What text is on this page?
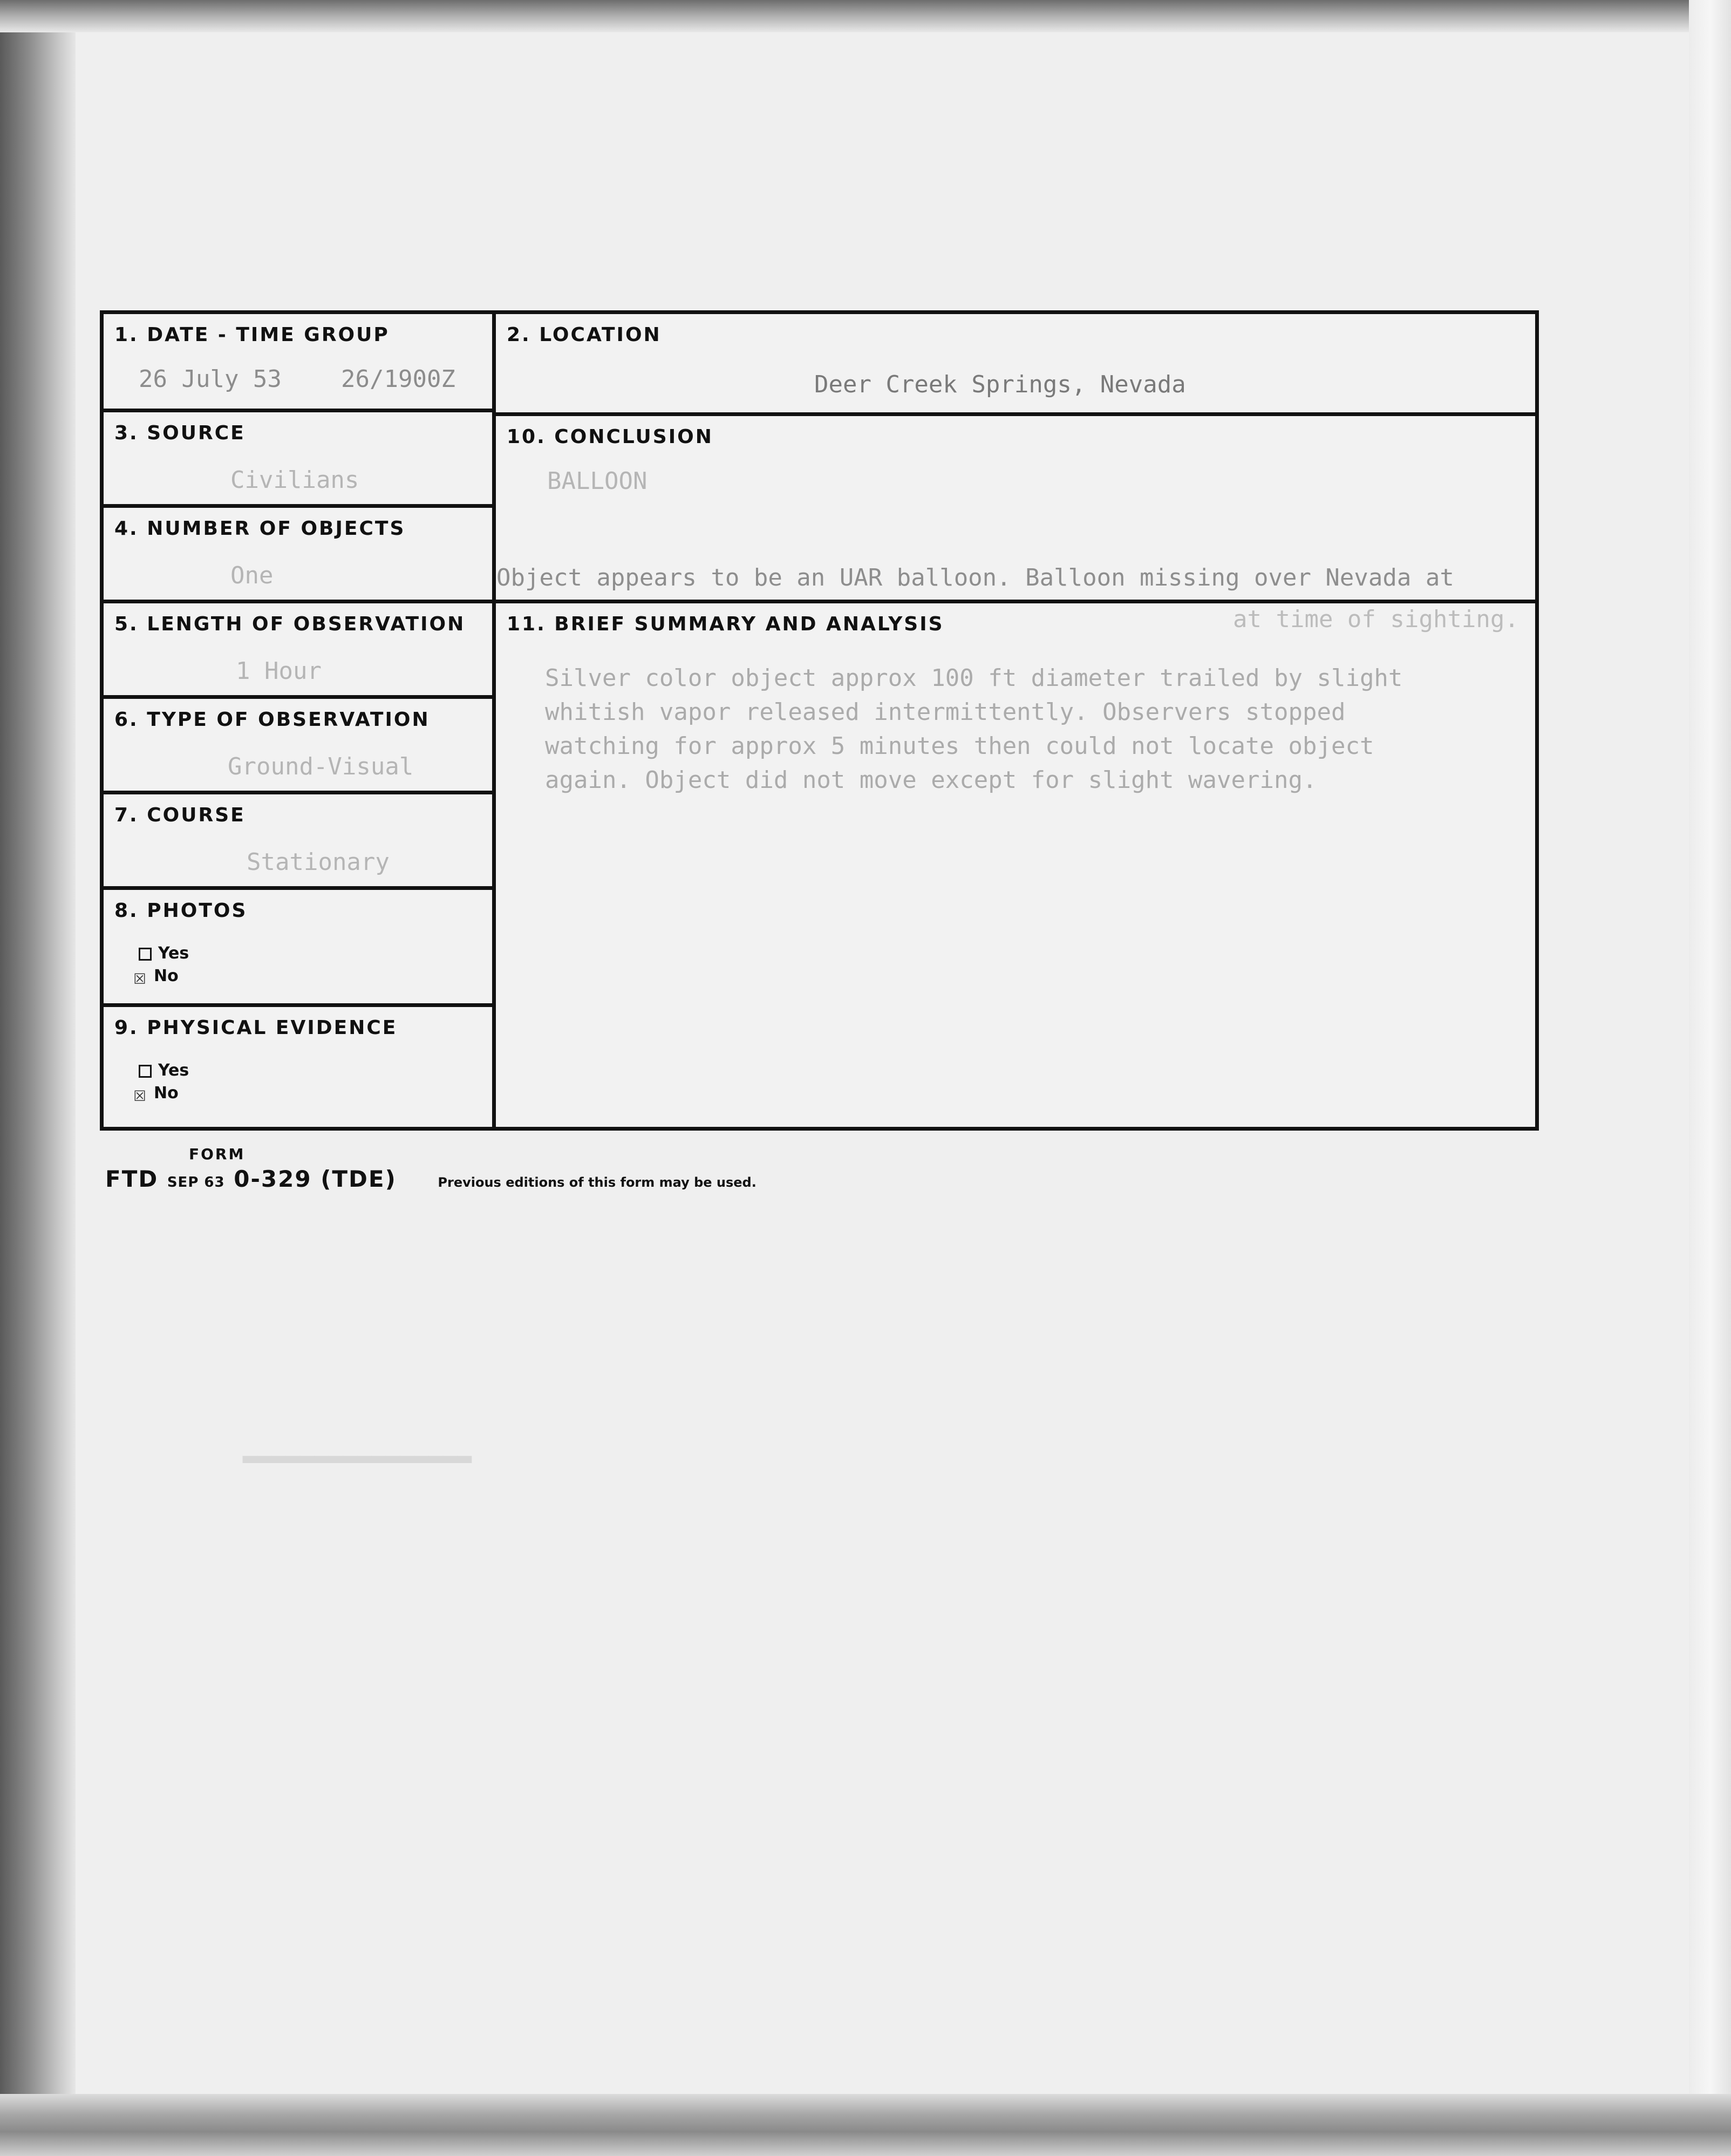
▂▂▂▂▂▂▂▂▂▂▂▂▂▂▂▂
1. DATE - TIME GROUP
26 July 53	26/1900Z
3. SOURCE
Civilians
4. NUMBER OF OBJECTS
One
5. LENGTH OF OBSERVATION
1 Hour
6. TYPE OF OBSERVATION
Ground-Visual
7. COURSE
Stationary
8. PHOTOS
Yes
☒ No
9. PHYSICAL EVIDENCE
Yes
☒ No
2. LOCATION
Deer Creek Springs, Nevada
10. CONCLUSION
BALLOON
11. BRIEF SUMMARY AND ANALYSIS
Object appears to be an UAR balloon. Balloon missing over Nevada at
at time of sighting.
Silver color object approx 100 ft diameter trailed by slight
whitish vapor released intermittently. Observers stopped
watching for approx 5 minutes then could not locate object
again. Object did not move except for slight wavering.
FORM
FTD SEP 63 0-329 (TDE)	Previous editions of this form may be used.
